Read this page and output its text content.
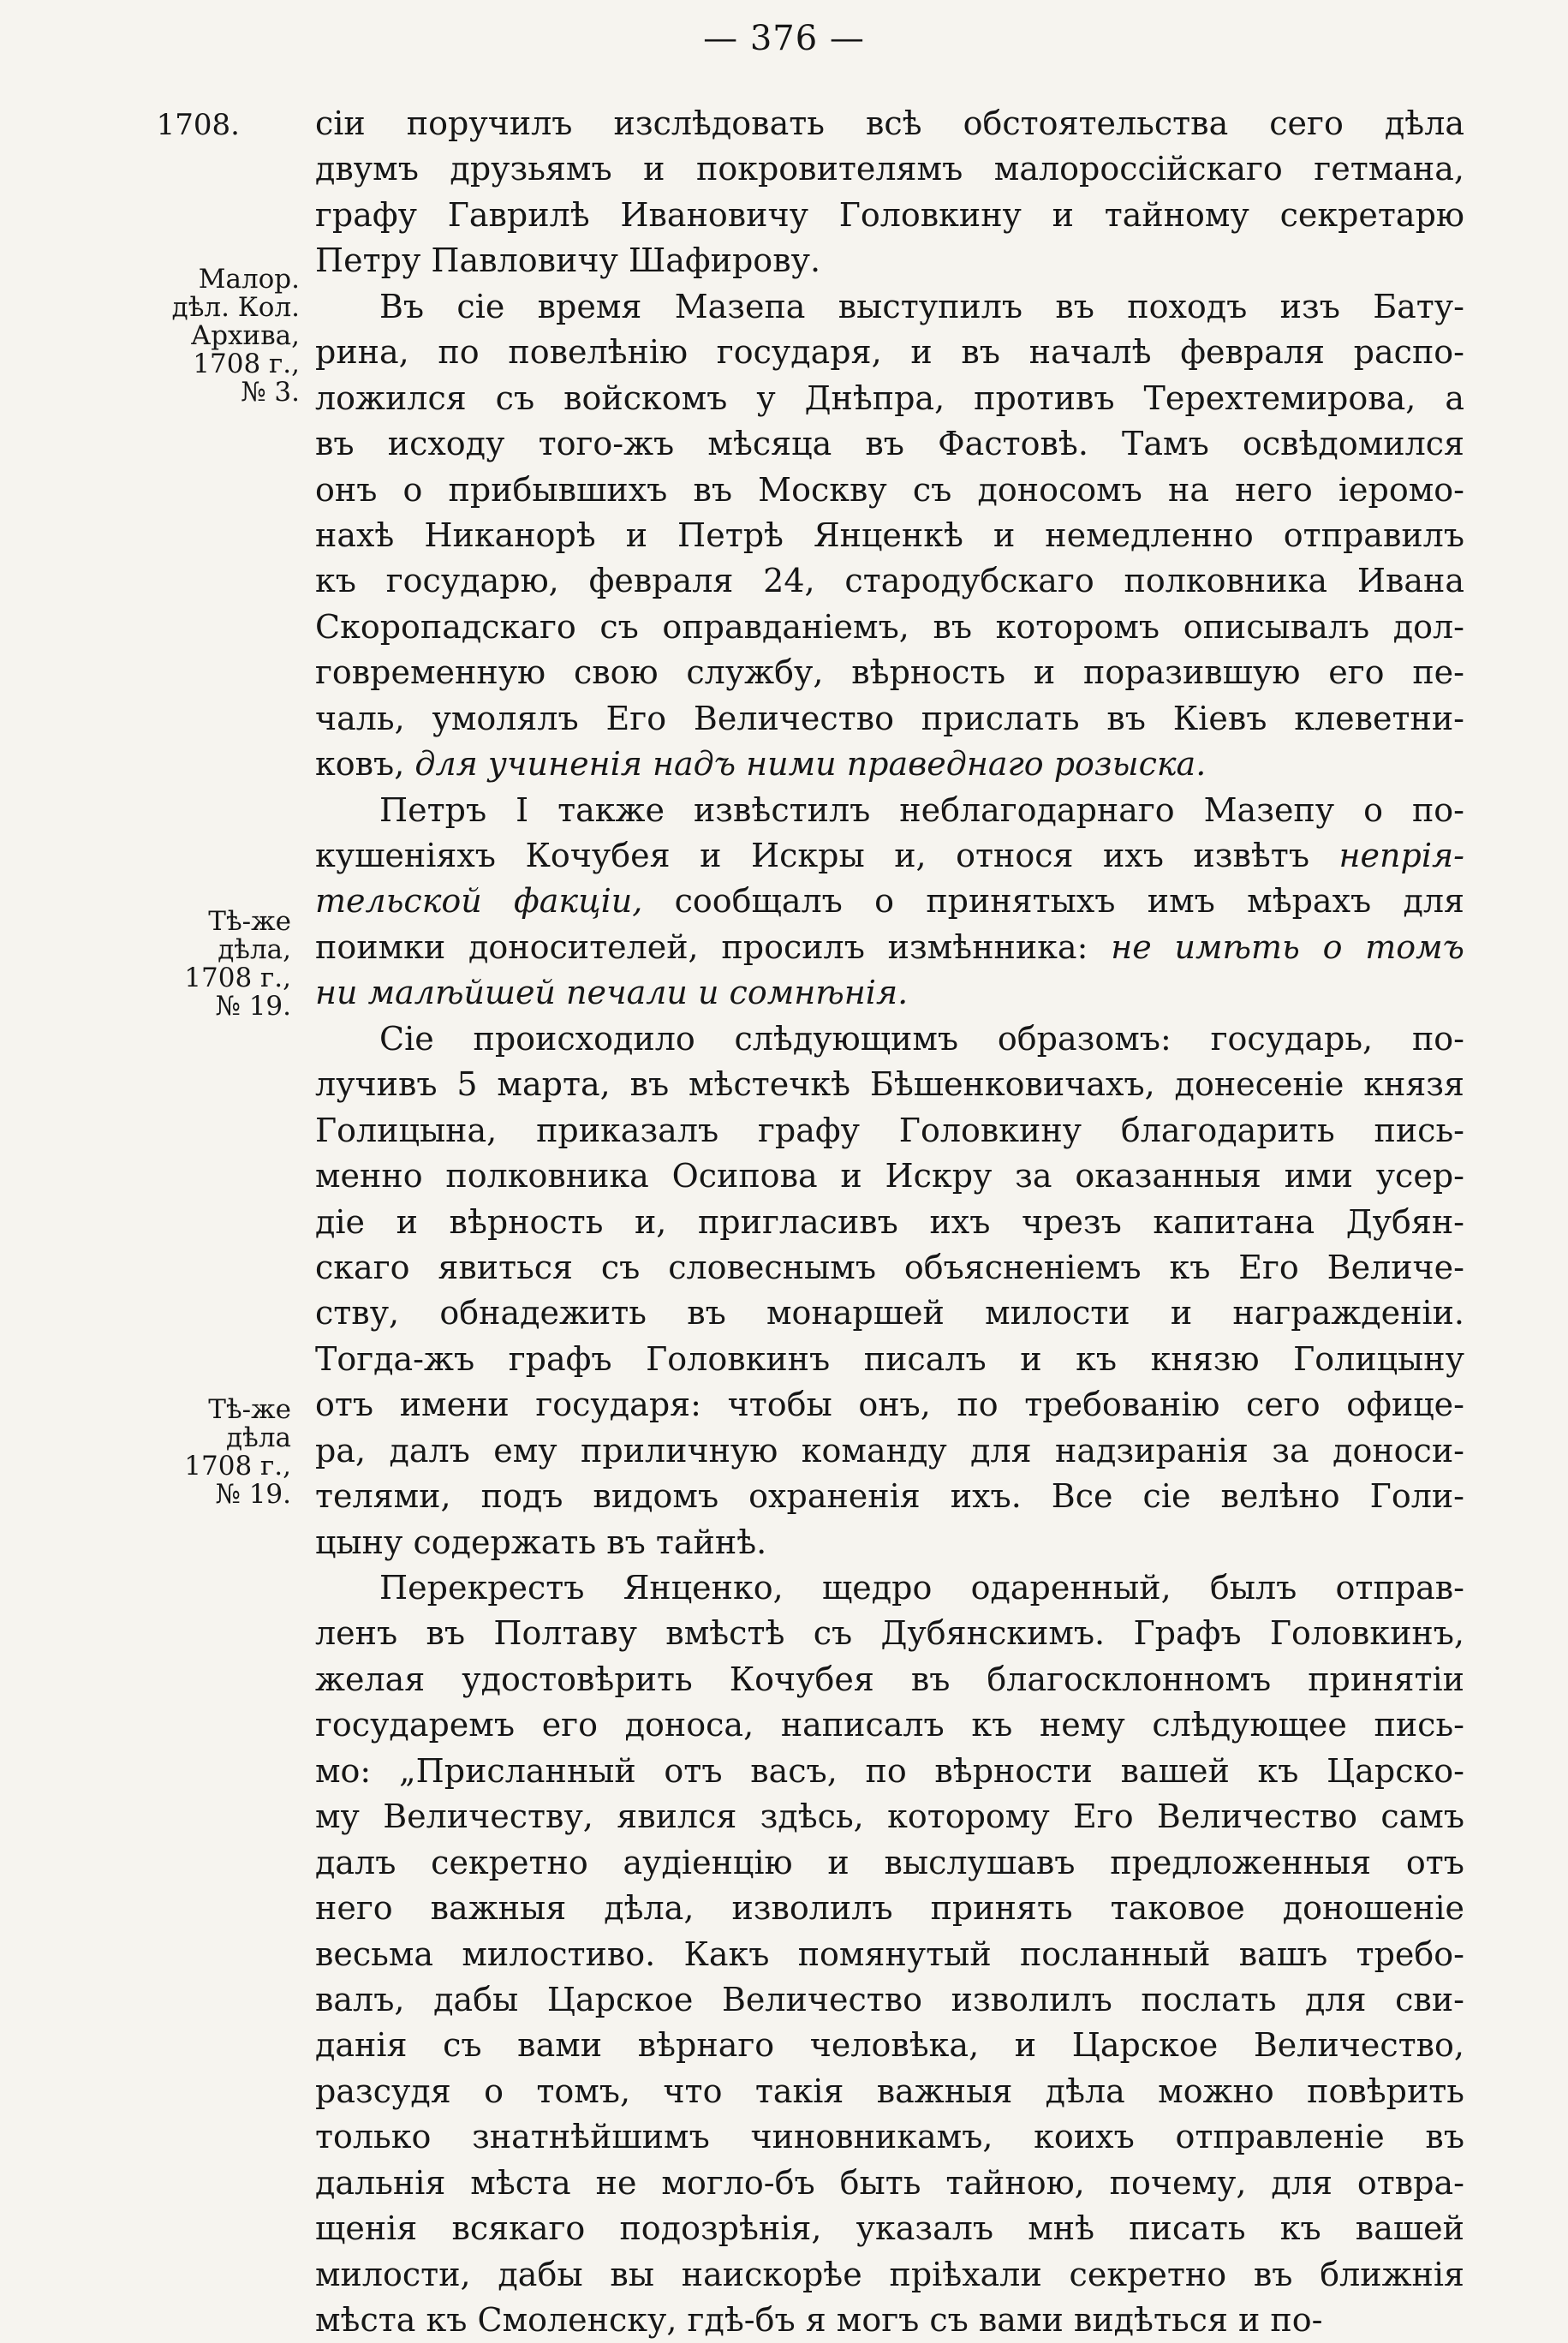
— 376 —
1708.
Малор.
дѣл. Кол.
Архива,
1708 г.,
№ 3.
Тѣ-же
дѣла,
1708 г.,
№ 19.
Тѣ-же
дѣла
1708 г.,
№ 19.
сіи поручилъ изслѣдовать всѣ обстоятельства сего дѣла
двумъ друзьямъ и покровителямъ малороссійскаго гетмана,
графу Гаврилѣ Ивановичу Головкину и тайному секретарю
Петру Павловичу Шафирову.
Въ сіе время Мазепа выступилъ въ походъ изъ Бату-
рина, по повелѣнію государя, и въ началѣ февраля распо-
ложился съ войскомъ у Днѣпра, противъ Терехтемирова, а
въ исходу того-жъ мѣсяца въ Фастовѣ. Тамъ освѣдомился
онъ о прибывшихъ въ Москву съ доносомъ на него іеромо-
нахѣ Никанорѣ и Петрѣ Янценкѣ и немедленно отправилъ
къ государю, февраля 24, стародубскаго полковника Ивана
Скоропадскаго съ оправданіемъ, въ которомъ описывалъ дол-
говременную свою службу, вѣрность и поразившую его пе-
чаль, умолялъ Его Величество прислать въ Кіевъ клеветни-
ковъ, для учиненія надъ ними праведнаго розыска.
Петръ I также извѣстилъ неблагодарнаго Мазепу о по-
кушеніяхъ Кочубея и Искры и, относя ихъ извѣтъ непрія-
тельской факціи, сообщалъ о принятыхъ имъ мѣрахъ для
поимки доносителей, просилъ измѣнника: не имѣть о томъ
ни малѣйшей печали и сомнѣнія.
Сіе происходило слѣдующимъ образомъ: государь, по-
лучивъ 5 марта, въ мѣстечкѣ Бѣшенковичахъ, донесеніе князя
Голицына, приказалъ графу Головкину благодарить пись-
менно полковника Осипова и Искру за оказанныя ими усер-
діе и вѣрность и, пригласивъ ихъ чрезъ капитана Дубян-
скаго явиться съ словеснымъ объясненіемъ къ Его Величе-
ству, обнадежить въ монаршей милости и награжденіи.
Тогда-жъ графъ Головкинъ писалъ и къ князю Голицыну
отъ имени государя: чтобы онъ, по требованію сего офице-
ра, далъ ему приличную команду для надзиранія за доноси-
телями, подъ видомъ охраненія ихъ. Все сіе велѣно Голи-
цыну содержать въ тайнѣ.
Перекрестъ Янценко, щедро одаренный, былъ отправ-
ленъ въ Полтаву вмѣстѣ съ Дубянскимъ. Графъ Головкинъ,
желая удостовѣрить Кочубея въ благосклонномъ принятіи
государемъ его доноса, написалъ къ нему слѣдующее пись-
мо: „Присланный отъ васъ, по вѣрности вашей къ Царско-
му Величеству, явился здѣсь, которому Его Величество самъ
далъ секретно аудіенцію и выслушавъ предложенныя отъ
него важныя дѣла, изволилъ принять таковое доношеніе
весьма милостиво. Какъ помянутый посланный вашъ требо-
валъ, дабы Царское Величество изволилъ послать для сви-
данія съ вами вѣрнаго человѣка, и Царское Величество,
разсудя о томъ, что такія важныя дѣла можно повѣрить
только знатнѣйшимъ чиновникамъ, коихъ отправленіе въ
дальнія мѣста не могло-бъ быть тайною, почему, для отвра-
щенія всякаго подозрѣнія, указалъ мнѣ писать къ вашей
милости, дабы вы наискорѣе пріѣхали секретно въ ближнія
мѣста къ Смоленску, гдѣ-бъ я могъ съ вами видѣться и по-
